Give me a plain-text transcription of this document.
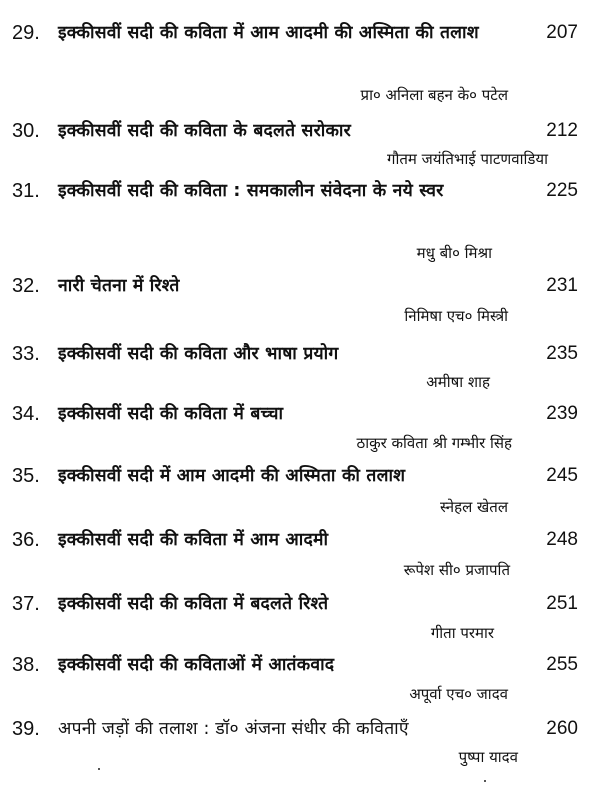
29. इक्कीसवीं सदी की कविता में आम आदमी की अस्मिता की तलाश	207
प्रा० अनिला बहन के० पटेल
30. इक्कीसवीं सदी की कविता के बदलते सरोकार	212
गौतम जयंतिभाई पाटणवाडिया
31. इक्कीसवीं सदी की कविता : समकालीन संवेदना के नये स्वर	225
मधु बी० मिश्रा
32. नारी चेतना में रिश्ते	231
निमिषा एच० मिस्त्री
33. इक्कीसवीं सदी की कविता और भाषा प्रयोग	235
अमीषा शाह
34. इक्कीसवीं सदी की कविता में बच्चा	239
ठाकुर कविता श्री गम्भीर सिंह
35. इक्कीसवीं सदी में आम आदमी की अस्मिता की तलाश	245
स्नेहल खेतल
36. इक्कीसवीं सदी की कविता में आम आदमी	248
रूपेश सी० प्रजापति
37. इक्कीसवीं सदी की कविता में बदलते रिश्ते	251
गीता परमार
38. इक्कीसवीं सदी की कविताओं में आतंकवाद	255
अपूर्वा एच० जादव
39. अपनी जड़ों की तलाश : डॉ० अंजना संधीर की कविताएँ	260
पुष्पा यादव
